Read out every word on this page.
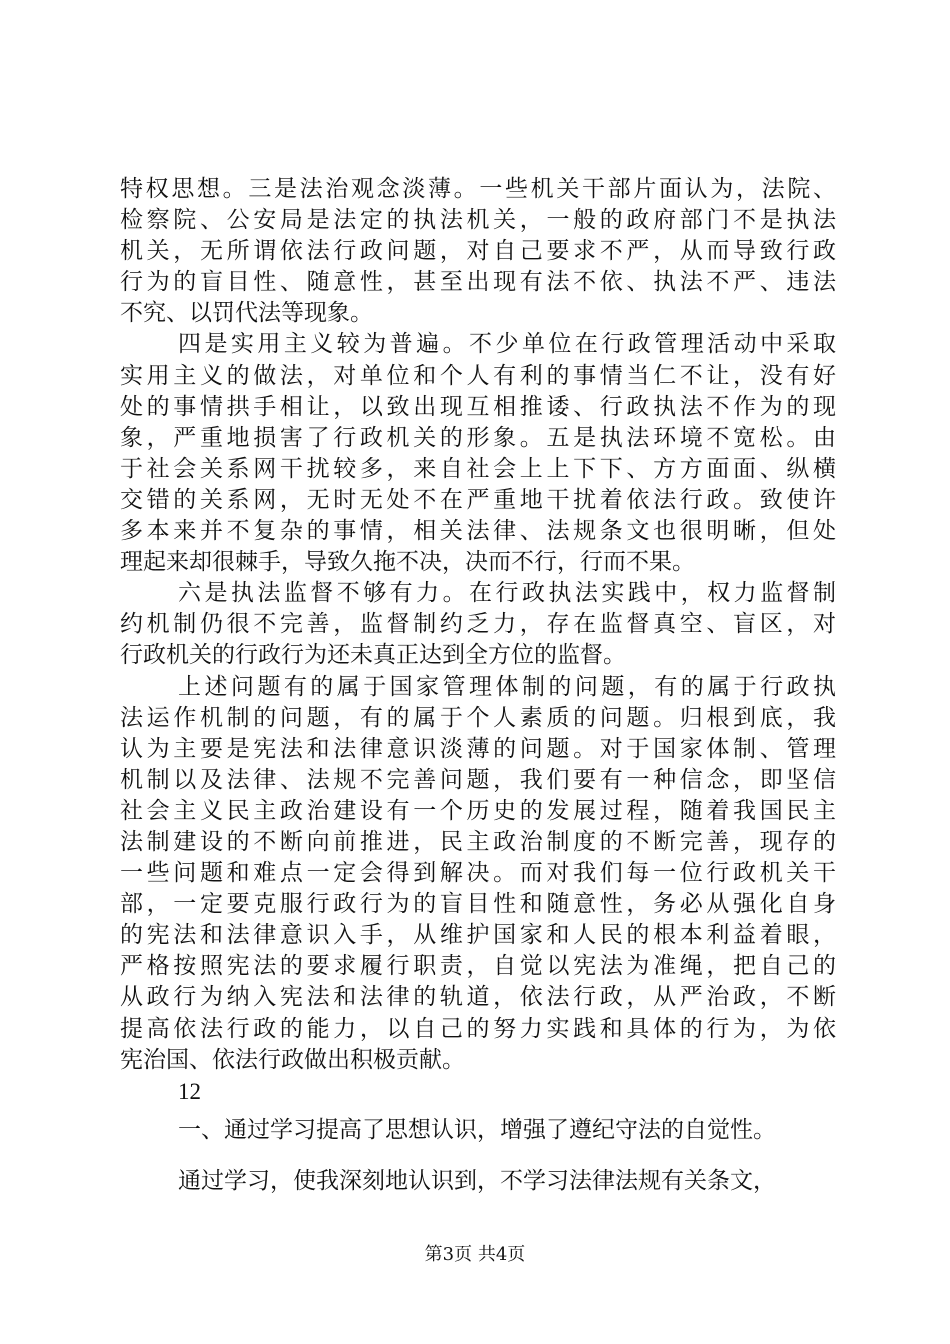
特权思想。三是法治观念淡薄。一些机关干部片面认为，法院、
检察院、公安局是法定的执法机关，一般的政府部门不是执法
机关，无所谓依法行政问题，对自己要求不严，从而导致行政
行为的盲目性、随意性，甚至出现有法不依、执法不严、违法
不究、以罚代法等现象。
四是实用主义较为普遍。不少单位在行政管理活动中采取
实用主义的做法，对单位和个人有利的事情当仁不让，没有好
处的事情拱手相让，以致出现互相推诿、行政执法不作为的现
象，严重地损害了行政机关的形象。五是执法环境不宽松。由
于社会关系网干扰较多，来自社会上上下下、方方面面、纵横
交错的关系网，无时无处不在严重地干扰着依法行政。致使许
多本来并不复杂的事情，相关法律、法规条文也很明晰，但处
理起来却很棘手，导致久拖不决，决而不行，行而不果。
六是执法监督不够有力。在行政执法实践中，权力监督制
约机制仍很不完善，监督制约乏力，存在监督真空、盲区，对
行政机关的行政行为还未真正达到全方位的监督。
上述问题有的属于国家管理体制的问题，有的属于行政执
法运作机制的问题，有的属于个人素质的问题。归根到底，我
认为主要是宪法和法律意识淡薄的问题。对于国家体制、管理
机制以及法律、法规不完善问题，我们要有一种信念，即坚信
社会主义民主政治建设有一个历史的发展过程，随着我国民主
法制建设的不断向前推进，民主政治制度的不断完善，现存的
一些问题和难点一定会得到解决。而对我们每一位行政机关干
部，一定要克服行政行为的盲目性和随意性，务必从强化自身
的宪法和法律意识入手，从维护国家和人民的根本利益着眼，
严格按照宪法的要求履行职责，自觉以宪法为准绳，把自己的
从政行为纳入宪法和法律的轨道，依法行政，从严治政，不断
提高依法行政的能力，以自己的努力实践和具体的行为，为依
宪治国、依法行政做出积极贡献。
12
一、通过学习提高了思想认识，增强了遵纪守法的自觉性。
通过学习，使我深刻地认识到，不学习法律法规有关条文，
第3页 共4页
